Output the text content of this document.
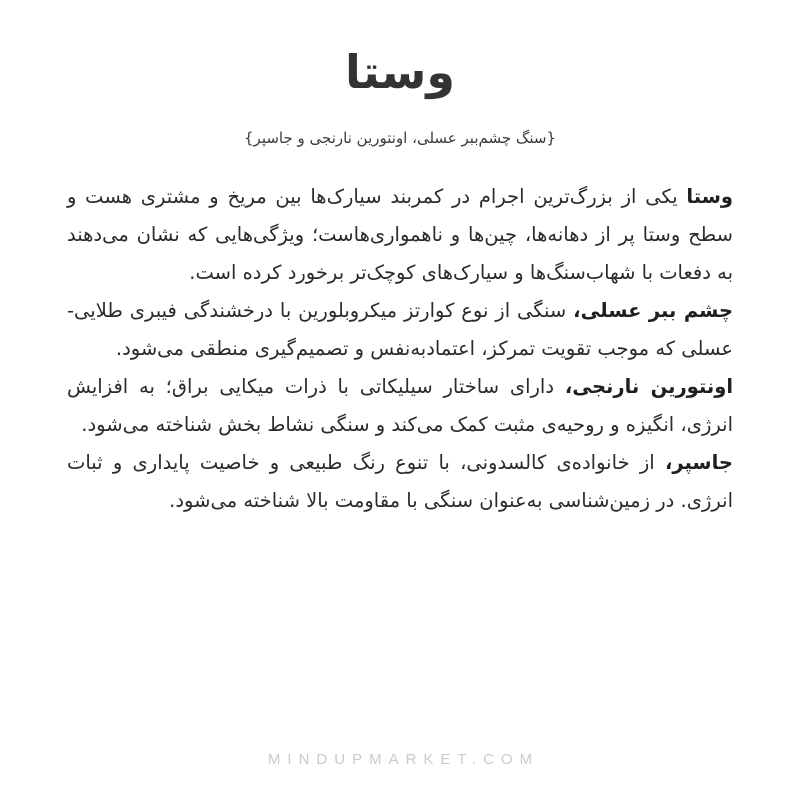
وستا
{سنگ چشم‌ببر عسلی، اونتورین نارنجی و جاسپر}

وستا یکی از بزرگ‌ترین اجرام در کمربند سیارک‌ها بین مریخ و مشتری هست و سطح وستا پر از دهانه‌ها، چین‌ها و ناهمواری‌هاست؛ ویژگی‌هایی که نشان می‌دهند به دفعات با شهاب‌سنگ‌ها و سیارک‌های کوچک‌تر برخورد کرده است.

چشم ببر عسلی، سنگی از نوع کوارتز میکروبلورین با درخشندگی فیبری طلایی-عسلی که موجب تقویت تمرکز، اعتمادبه‌نفس و تصمیم‌گیری منطقی می‌شود.

اونتورین نارنجی، دارای ساختار سیلیکاتی با ذرات میکایی براق؛ به افزایش انرژی، انگیزه و روحیه‌ی مثبت کمک می‌کند و سنگی نشاط بخش شناخته می‌شود.

جاسپر، از خانواده‌ی کالسدونی، با تنوع رنگ طبیعی و خاصیت پایداری و ثبات انرژی. در زمین‌شناسی به‌عنوان سنگی با مقاومت بالا شناخته می‌شود.

MINDUPMARKET.COM
